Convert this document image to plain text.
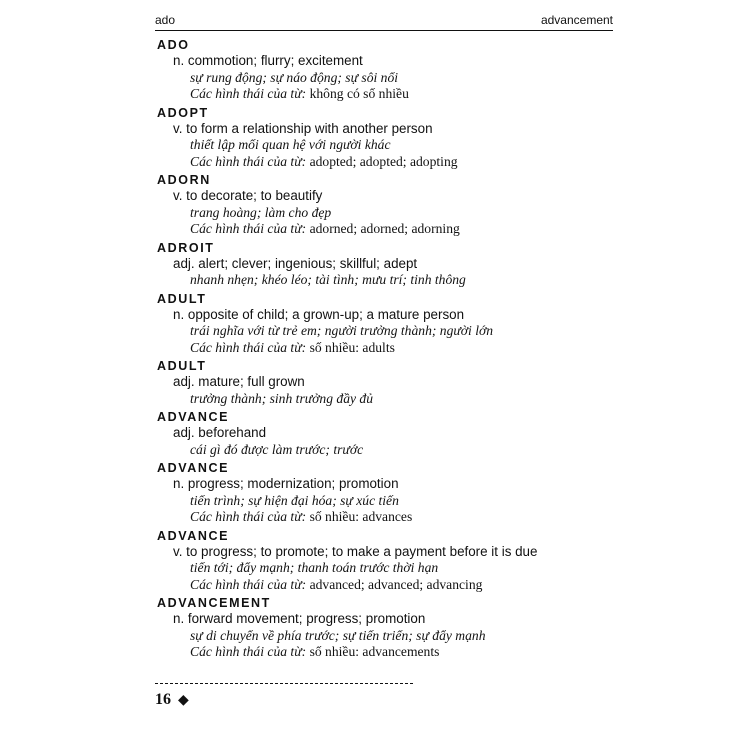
ado	advancement
ADO
n. commotion; flurry; excitement
sự rung động; sự náo động; sự sôi nổi
Các hình thái của từ: không có số nhiều
ADOPT
v. to form a relationship with another person
thiết lập mối quan hệ với người khác
Các hình thái của từ: adopted; adopted; adopting
ADORN
v. to decorate; to beautify
trang hoàng; làm cho đẹp
Các hình thái của từ: adorned; adorned; adorning
ADROIT
adj. alert; clever; ingenious; skillful; adept
nhanh nhẹn; khéo léo; tài tình; mưu trí; tinh thông
ADULT
n. opposite of child; a grown-up; a mature person
trái nghĩa với từ trẻ em; người trưởng thành; người lớn
Các hình thái của từ: số nhiều: adults
ADULT
adj. mature; full grown
trưởng thành; sinh trưởng đầy đủ
ADVANCE
adj. beforehand
cái gì đó được làm trước; trước
ADVANCE
n. progress; modernization; promotion
tiến trình; sự hiện đại hóa; sự xúc tiến
Các hình thái của từ: số nhiều: advances
ADVANCE
v. to progress; to promote; to make a payment before it is due
tiến tới; đẩy mạnh; thanh toán trước thời hạn
Các hình thái của từ: advanced; advanced; advancing
ADVANCEMENT
n. forward movement; progress; promotion
sự di chuyển về phía trước; sự tiến triển; sự đẩy mạnh
Các hình thái của từ: số nhiều: advancements
16 ◆
